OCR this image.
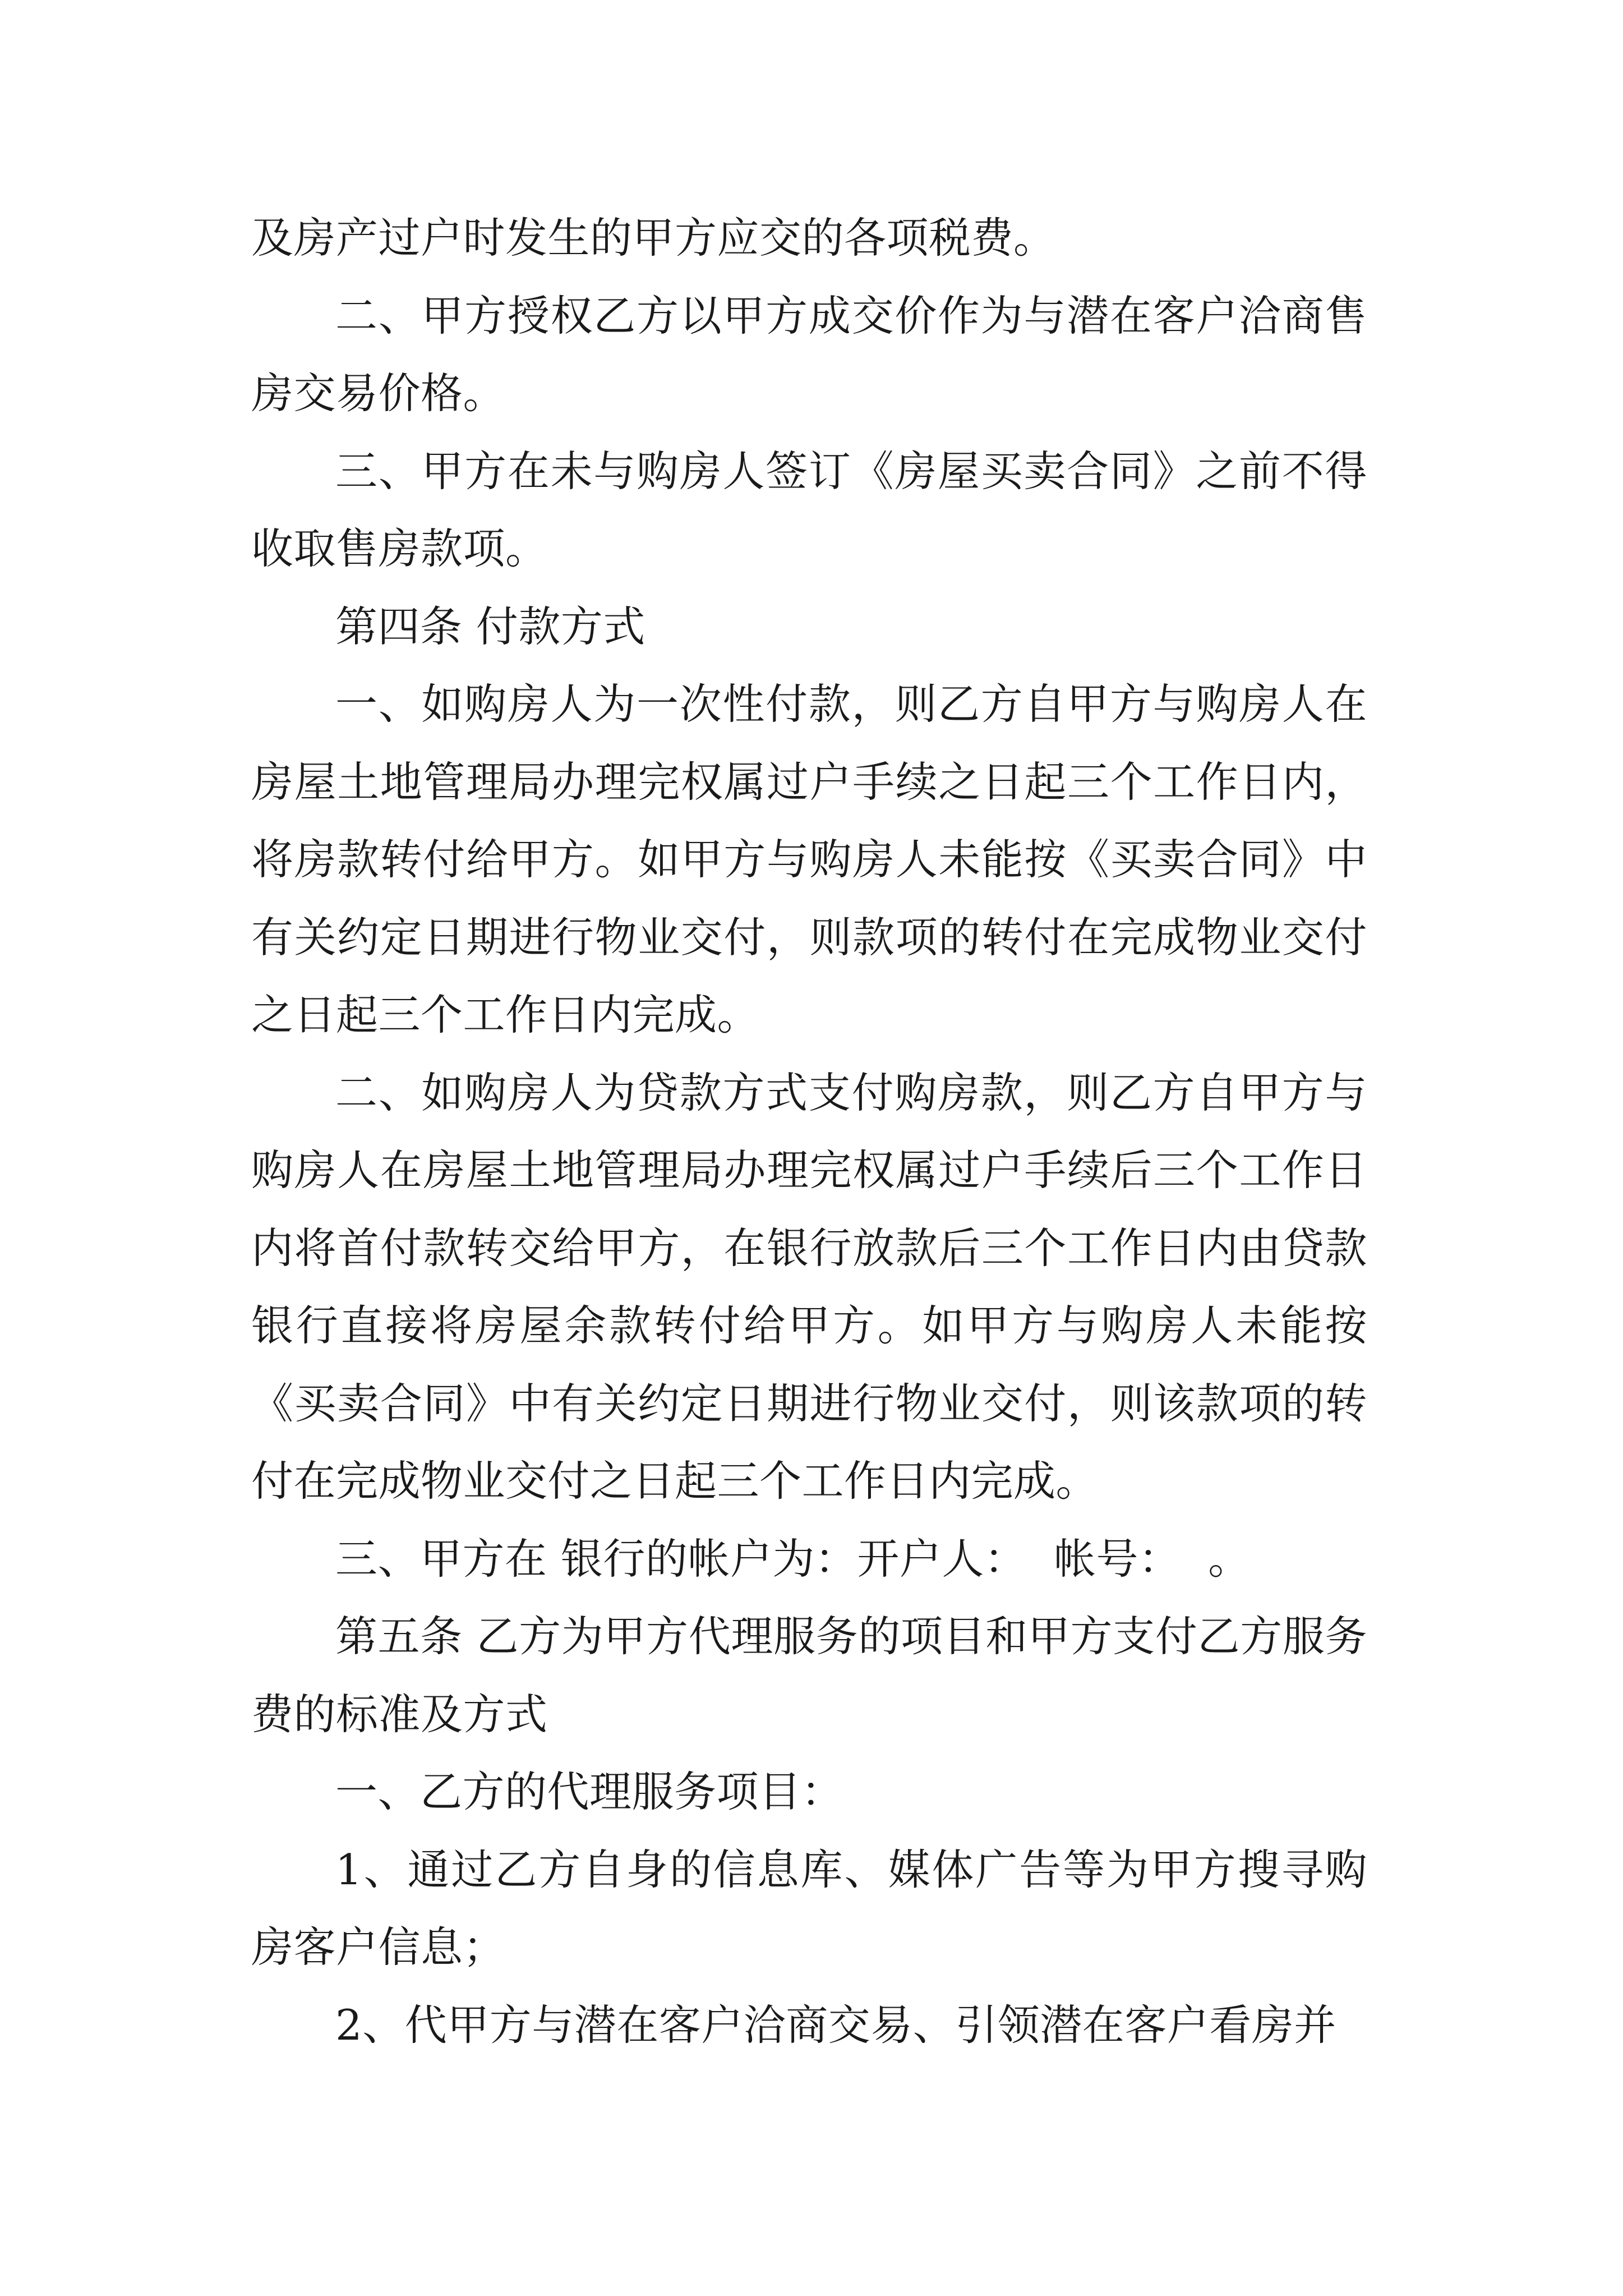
及房产过户时发生的甲方应交的各项税费。

二、甲方授权乙方以甲方成交价作为与潜在客户洽商售房交易价格。

三、甲方在未与购房人签订《房屋买卖合同》之前不得收取售房款项。

第四条 付款方式

一、如购房人为一次性付款，则乙方自甲方与购房人在房屋土地管理局办理完权属过户手续之日起三个工作日内，将房款转付给甲方。如甲方与购房人未能按《买卖合同》中有关约定日期进行物业交付，则款项的转付在完成物业交付之日起三个工作日内完成。

二、如购房人为贷款方式支付购房款，则乙方自甲方与购房人在房屋土地管理局办理完权属过户手续后三个工作日内将首付款转交给甲方，在银行放款后三个工作日内由贷款银行直接将房屋余款转付给甲方。如甲方与购房人未能按《买卖合同》中有关约定日期进行物业交付，则该款项的转付在完成物业交付之日起三个工作日内完成。

三、甲方在 银行的帐户为：开户人：  帐号：  。

第五条 乙方为甲方代理服务的项目和甲方支付乙方服务费的标准及方式

一、乙方的代理服务项目：

1、通过乙方自身的信息库、媒体广告等为甲方搜寻购房客户信息；

2、代甲方与潜在客户洽商交易、引领潜在客户看房并
